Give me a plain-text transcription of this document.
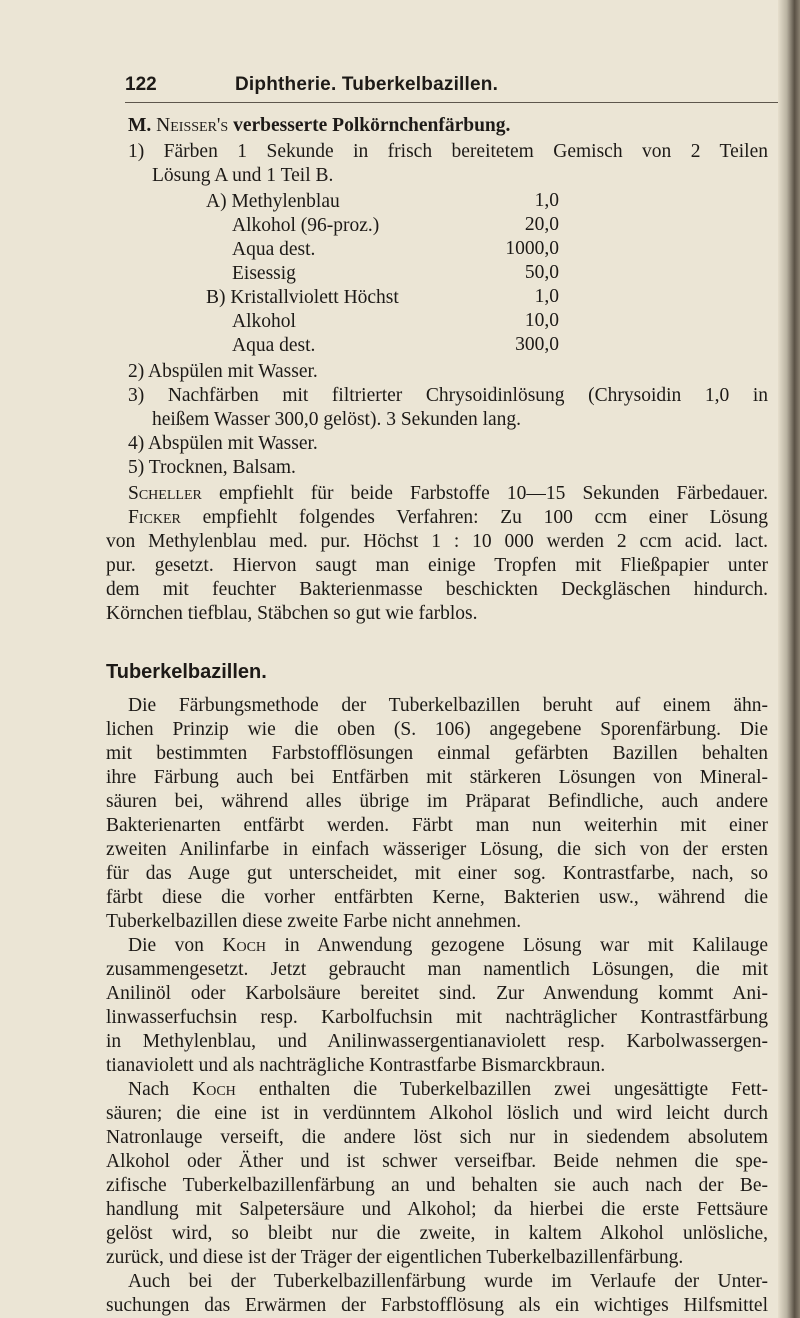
122	Diphtherie. Tuberkelbazillen.
M. Neisser's verbesserte Polkörnchenfärbung.
1) Färben 1 Sekunde in frisch bereitetem Gemisch von 2 Teilen
Lösung A und 1 Teil B.
A) Methylenblau	1,0
Alkohol (96-proz.)	20,0
Aqua dest.	1000,0
Eisessig	50,0
B) Kristallviolett Höchst	1,0
Alkohol	10,0
Aqua dest.	300,0
2) Abspülen mit Wasser.
3) Nachfärben mit filtrierter Chrysoidinlösung (Chrysoidin 1,0 in
heißem Wasser 300,0 gelöst). 3 Sekunden lang.
4) Abspülen mit Wasser.
5) Trocknen, Balsam.
Scheller empfiehlt für beide Farbstoffe 10—15 Sekunden Färbedauer.
Ficker empfiehlt folgendes Verfahren: Zu 100 ccm einer Lösung
von Methylenblau med. pur. Höchst 1 : 10 000 werden 2 ccm acid. lact.
pur. gesetzt. Hiervon saugt man einige Tropfen mit Fließpapier unter
dem mit feuchter Bakterienmasse beschickten Deckgläschen hindurch.
Körnchen tiefblau, Stäbchen so gut wie farblos.
Tuberkelbazillen.
Die Färbungsmethode der Tuberkelbazillen beruht auf einem ähn-
lichen Prinzip wie die oben (S. 106) angegebene Sporenfärbung. Die
mit bestimmten Farbstofflösungen einmal gefärbten Bazillen behalten
ihre Färbung auch bei Entfärben mit stärkeren Lösungen von Mineral-
säuren bei, während alles übrige im Präparat Befindliche, auch andere
Bakterienarten entfärbt werden. Färbt man nun weiterhin mit einer
zweiten Anilinfarbe in einfach wässeriger Lösung, die sich von der ersten
für das Auge gut unterscheidet, mit einer sog. Kontrastfarbe, nach, so
färbt diese die vorher entfärbten Kerne, Bakterien usw., während die
Tuberkelbazillen diese zweite Farbe nicht annehmen.
Die von Koch in Anwendung gezogene Lösung war mit Kalilauge
zusammengesetzt. Jetzt gebraucht man namentlich Lösungen, die mit
Anilinöl oder Karbolsäure bereitet sind. Zur Anwendung kommt Ani-
linwasserfuchsin resp. Karbolfuchsin mit nachträglicher Kontrastfärbung
in Methylenblau, und Anilinwassergentianaviolett resp. Karbolwassergen-
tianaviolett und als nachträgliche Kontrastfarbe Bismarckbraun.
Nach Koch enthalten die Tuberkelbazillen zwei ungesättigte Fett-
säuren; die eine ist in verdünntem Alkohol löslich und wird leicht durch
Natronlauge verseift, die andere löst sich nur in siedendem absolutem
Alkohol oder Äther und ist schwer verseifbar. Beide nehmen die spe-
zifische Tuberkelbazillenfärbung an und behalten sie auch nach der Be-
handlung mit Salpetersäure und Alkohol; da hierbei die erste Fettsäure
gelöst wird, so bleibt nur die zweite, in kaltem Alkohol unlösliche,
zurück, und diese ist der Träger der eigentlichen Tuberkelbazillenfärbung.
Auch bei der Tuberkelbazillenfärbung wurde im Verlaufe der Unter-
suchungen das Erwärmen der Farbstofflösung als ein wichtiges Hilfsmittel
